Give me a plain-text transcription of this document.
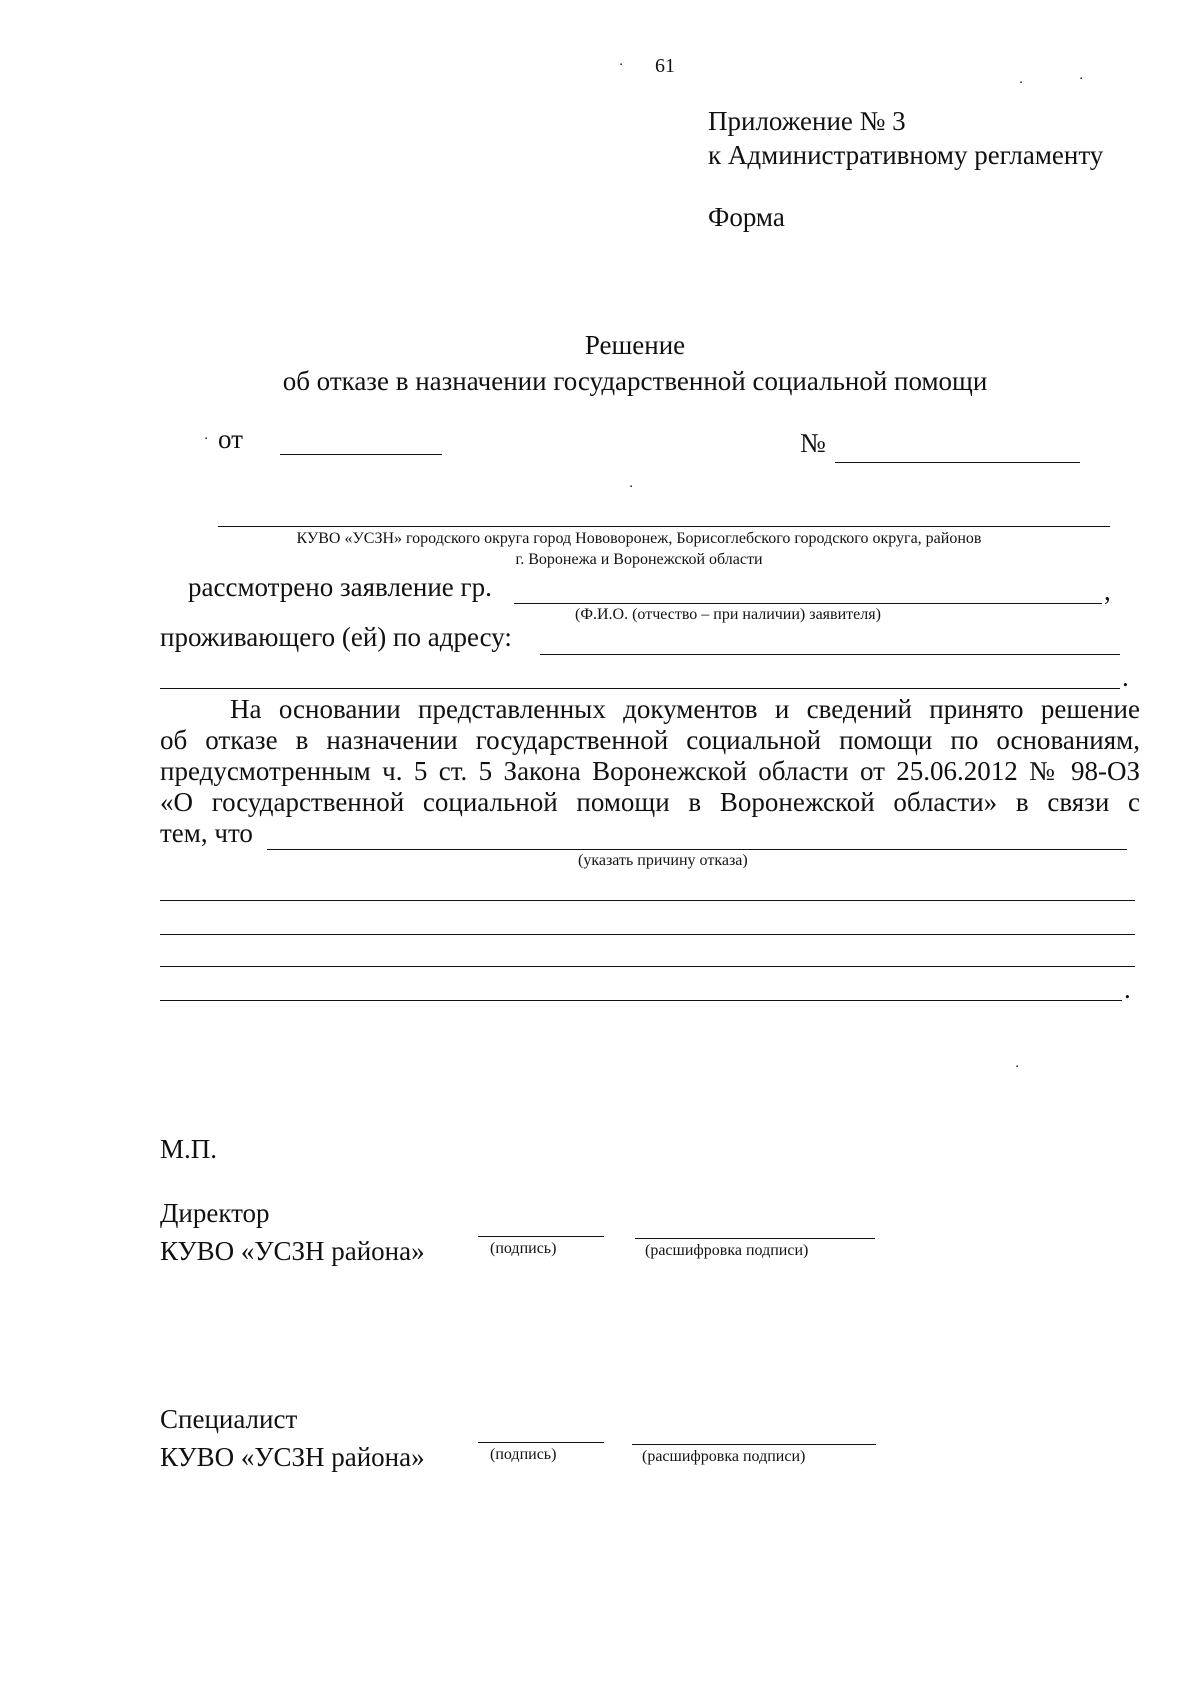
61
Приложение № 3
к Административному регламенту
Форма
Решение
об отказе в назначении государственной социальной помощи
от	№
КУВО «УСЗН» городского округа город Нововоронеж, Борисоглебского городского округа, районов
г. Воронежа и Воронежской области
рассмотрено заявление гр.	,
(Ф.И.О. (отчество – при наличии) заявителя)
проживающего (ей) по адресу:
.
На основании представленных документов и сведений принято решение
об отказе в назначении государственной социальной помощи по основаниям,
предусмотренным ч. 5 ст. 5 Закона Воронежской области от 25.06.2012 № 98-ОЗ
«О государственной социальной помощи в Воронежской области» в связи с
тем, что
(указать причину отказа)
.
М.П.
Директор
КУВО «УСЗН района»	(подпись)	(расшифровка подписи)
Специалист
КУВО «УСЗН района»	(подпись)	(расшифровка подписи)
▪
▪
▪
▪
▪
▪
